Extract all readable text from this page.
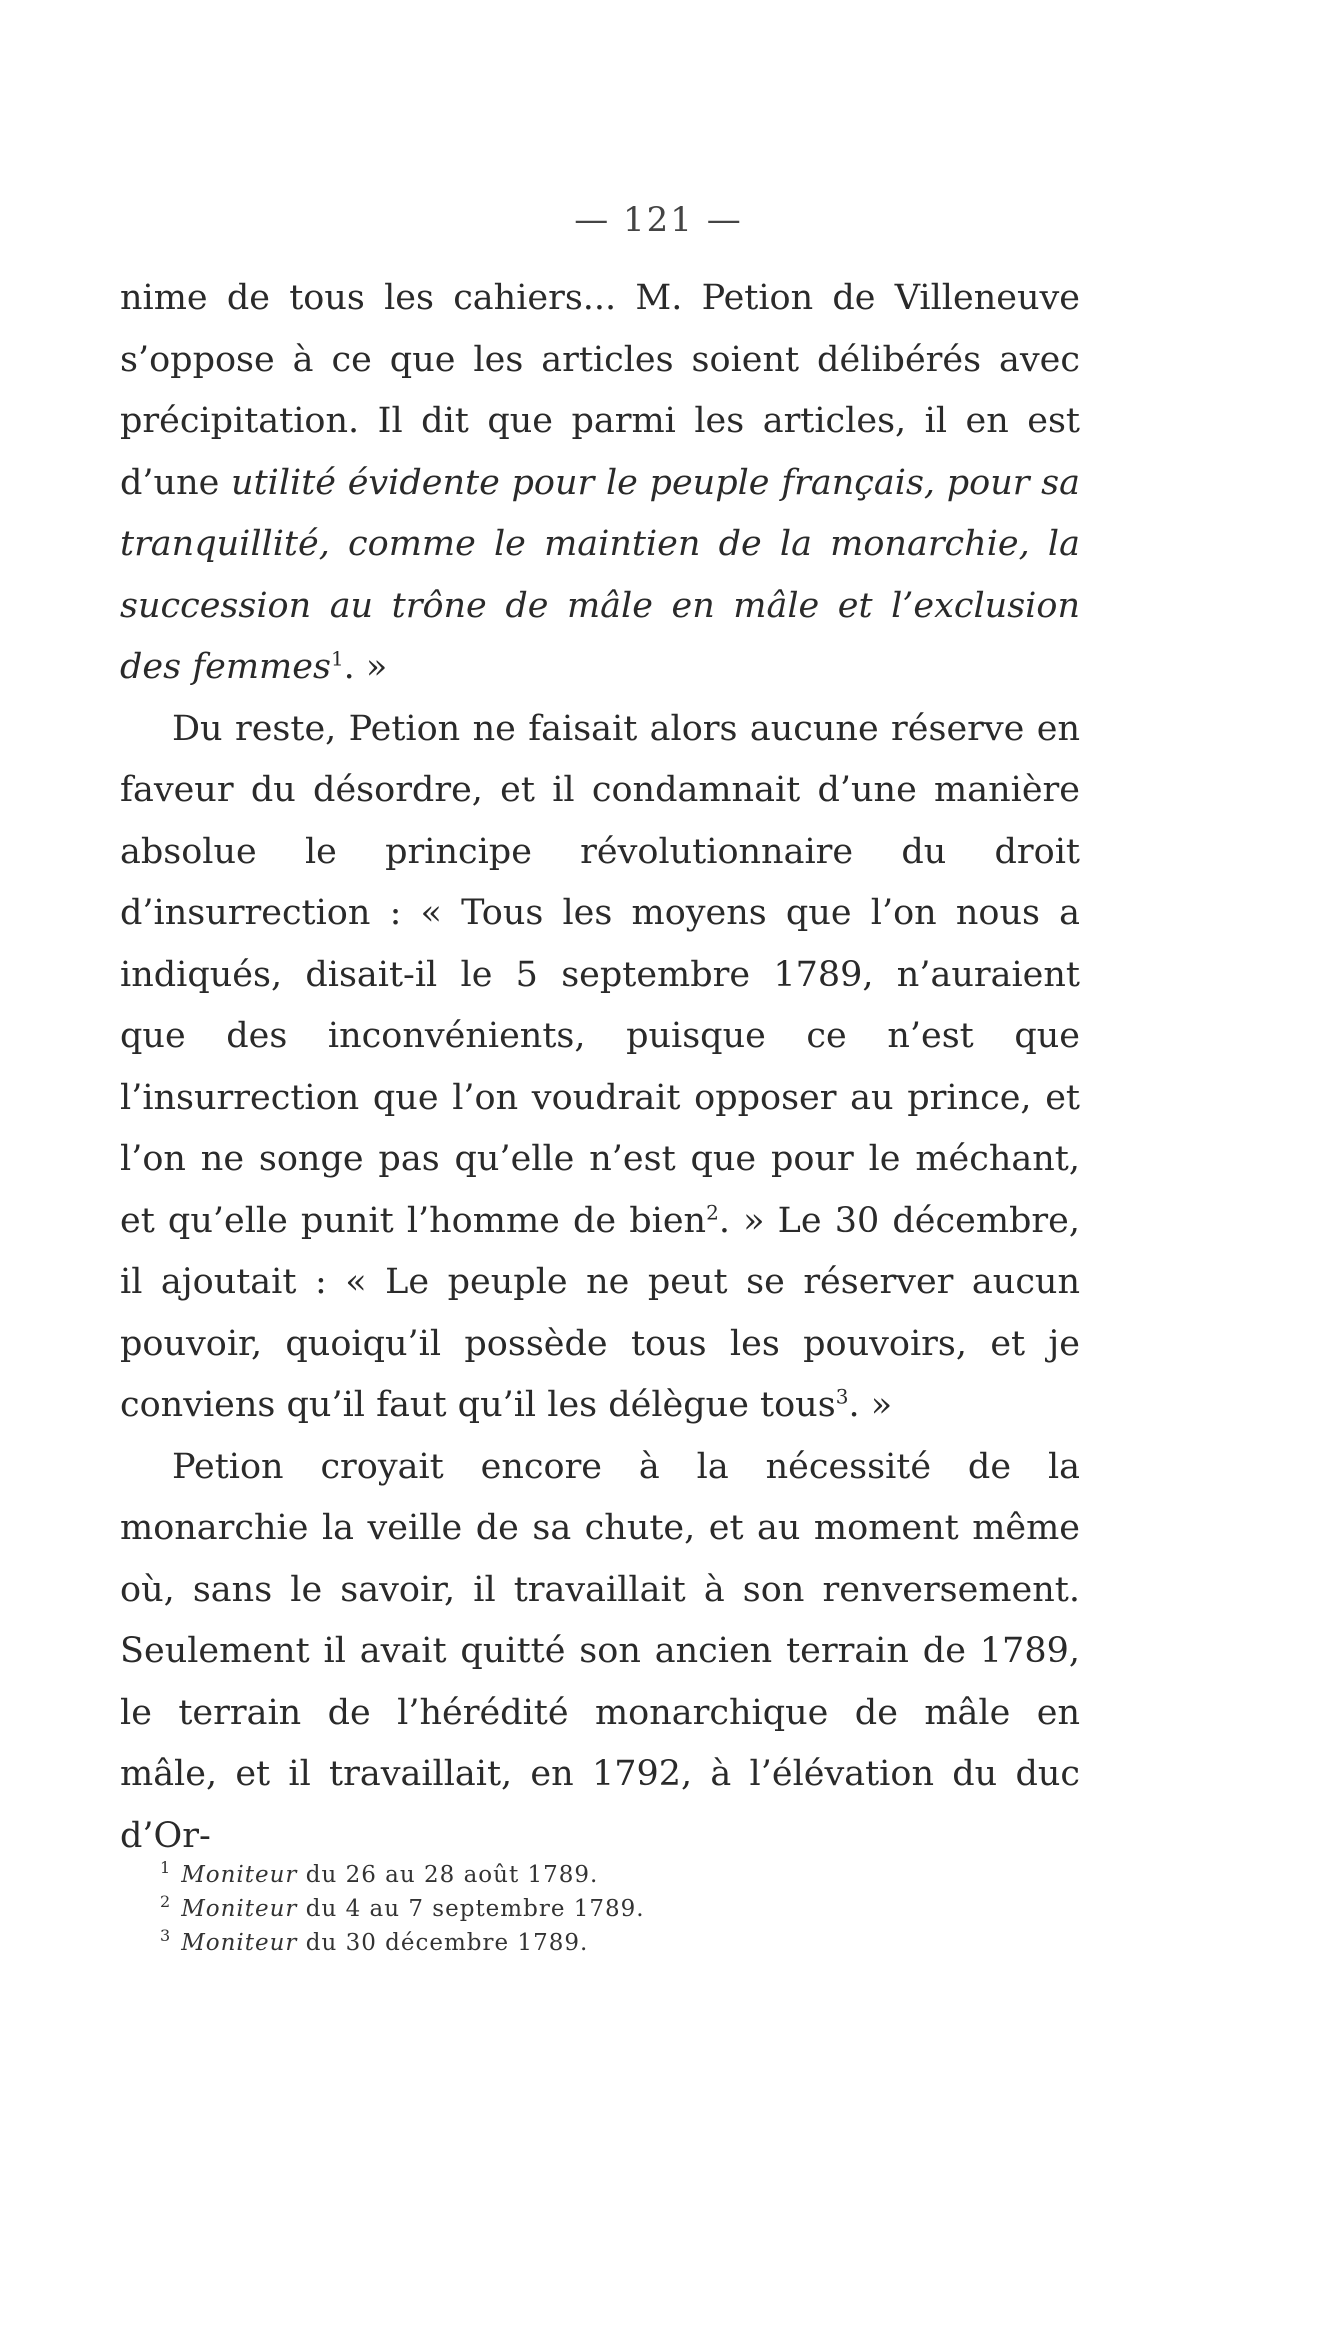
— 121 —

nime de tous les cahiers... M. Petion de Villeneuve s’oppose à ce que les articles soient délibérés avec précipitation. Il dit que parmi les articles, il en est d’une utilité évidente pour le peuple français, pour sa tranquillité, comme le maintien de la monarchie, la succession au trône de mâle en mâle et l’exclusion des femmes$^1$. »

Du reste, Petion ne faisait alors aucune réserve en faveur du désordre, et il condamnait d’une manière absolue le principe révolutionnaire du droit d’insurrection : « Tous les moyens que l’on nous a indiqués, disait-il le 5 septembre 1789, n’auraient que des inconvénients, puisque ce n’est que l’insurrection que l’on voudrait opposer au prince, et l’on ne songe pas qu’elle n’est que pour le méchant, et qu’elle punit l’homme de bien$^2$. » Le 30 décembre, il ajoutait : « Le peuple ne peut se réserver aucun pouvoir, quoiqu’il possède tous les pouvoirs, et je conviens qu’il faut qu’il les délègue tous$^3$. »

Petion croyait encore à la nécessité de la monarchie la veille de sa chute, et au moment même où, sans le savoir, il travaillait à son renversement. Seulement il avait quitté son ancien terrain de 1789, le terrain de l’hérédité monarchique de mâle en mâle, et il travaillait, en 1792, à l’élévation du duc d’Or-

$^1$ Moniteur du 26 au 28 août 1789.

$^2$ Moniteur du 4 au 7 septembre 1789.

$^3$ Moniteur du 30 décembre 1789.
